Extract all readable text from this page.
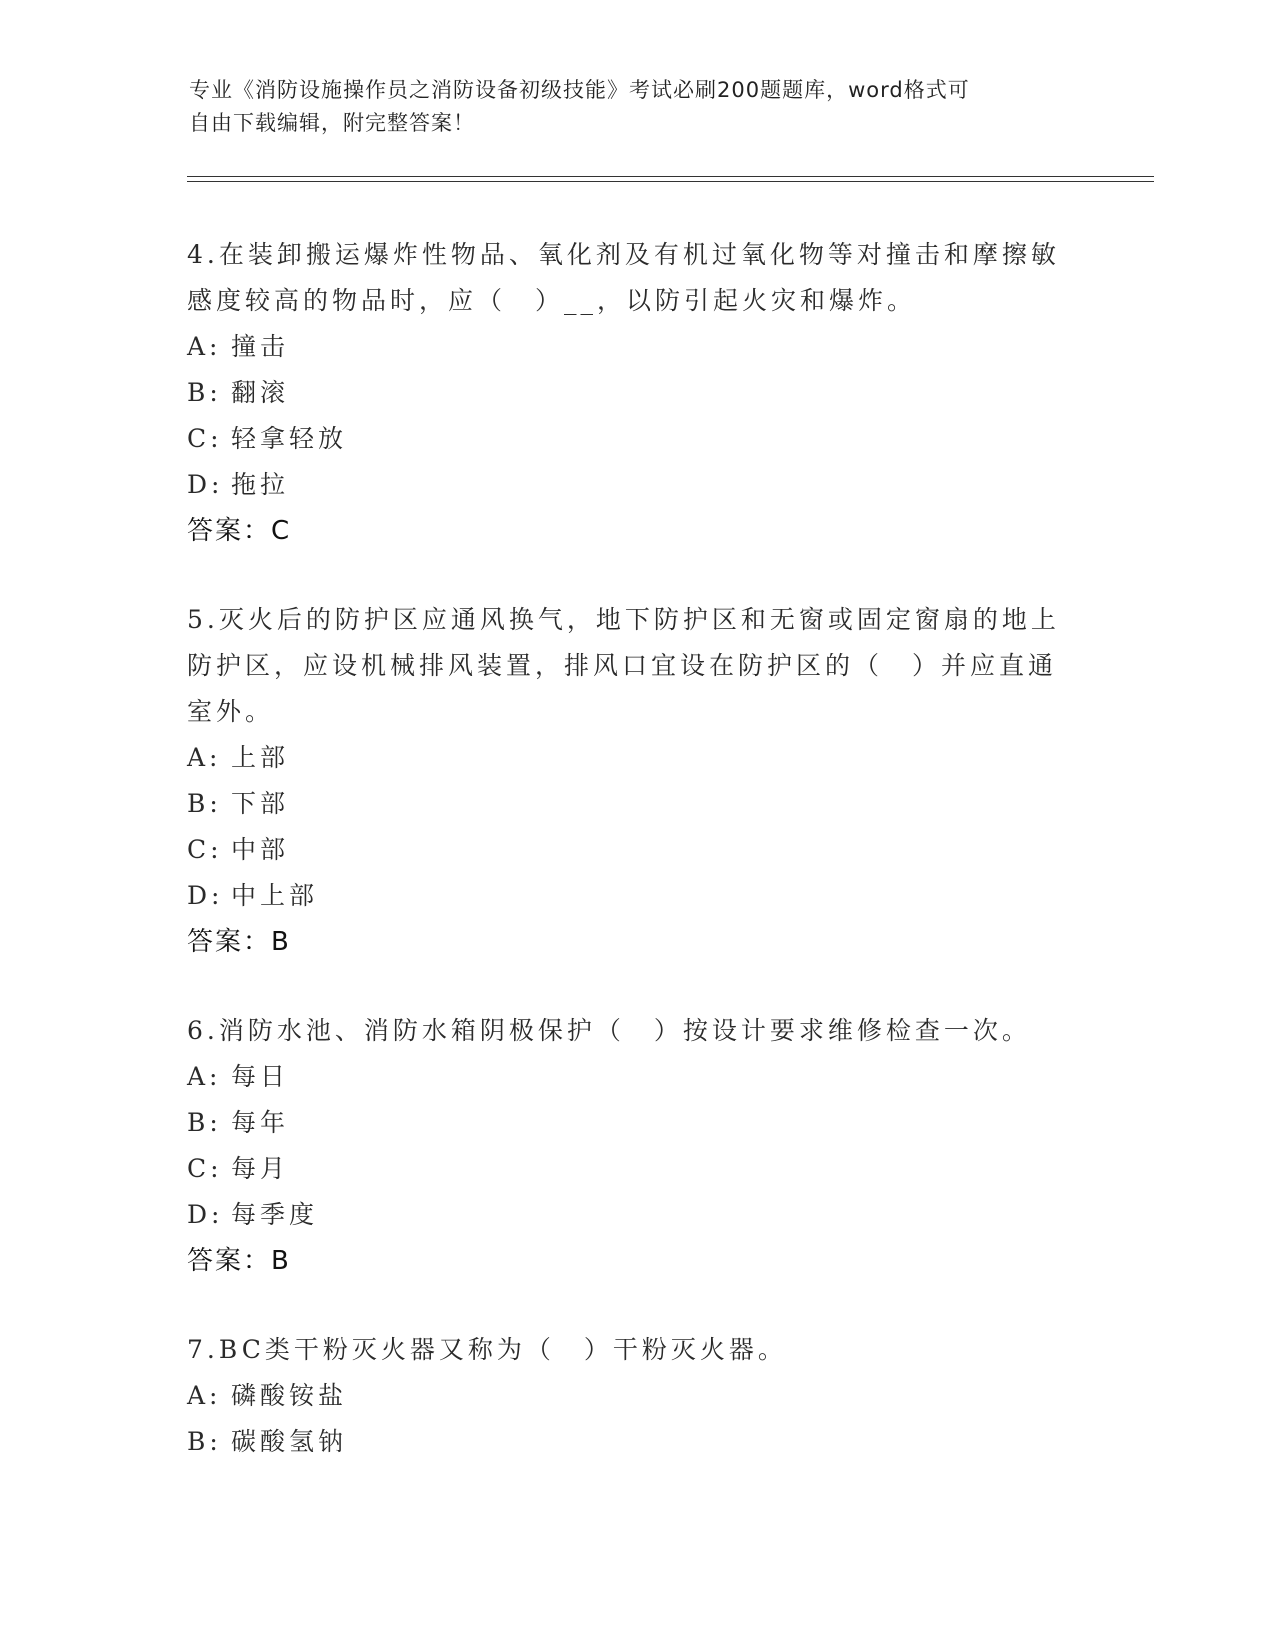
专业《消防设施操作员之消防设备初级技能》考试必刷200题题库，word格式可
自由下载编辑，附完整答案！

4.在装卸搬运爆炸性物品、氧化剂及有机过氧化物等对撞击和摩擦敏感度较高的物品时，应（　）__，以防引起火灾和爆炸。

A: 撞击
B: 翻滚
C: 轻拿轻放
D: 拖拉
答案：C

5.灭火后的防护区应通风换气，地下防护区和无窗或固定窗扇的地上防护区，应设机械排风装置，排风口宜设在防护区的（　）并应直通室外。

A: 上部
B: 下部
C: 中部
D: 中上部
答案：B

6.消防水池、消防水箱阴极保护（　）按设计要求维修检查一次。

A: 每日
B: 每年
C: 每月
D: 每季度
答案：B

7.BC类干粉灭火器又称为（　）干粉灭火器。

A: 磷酸铵盐
B: 碳酸氢钠
